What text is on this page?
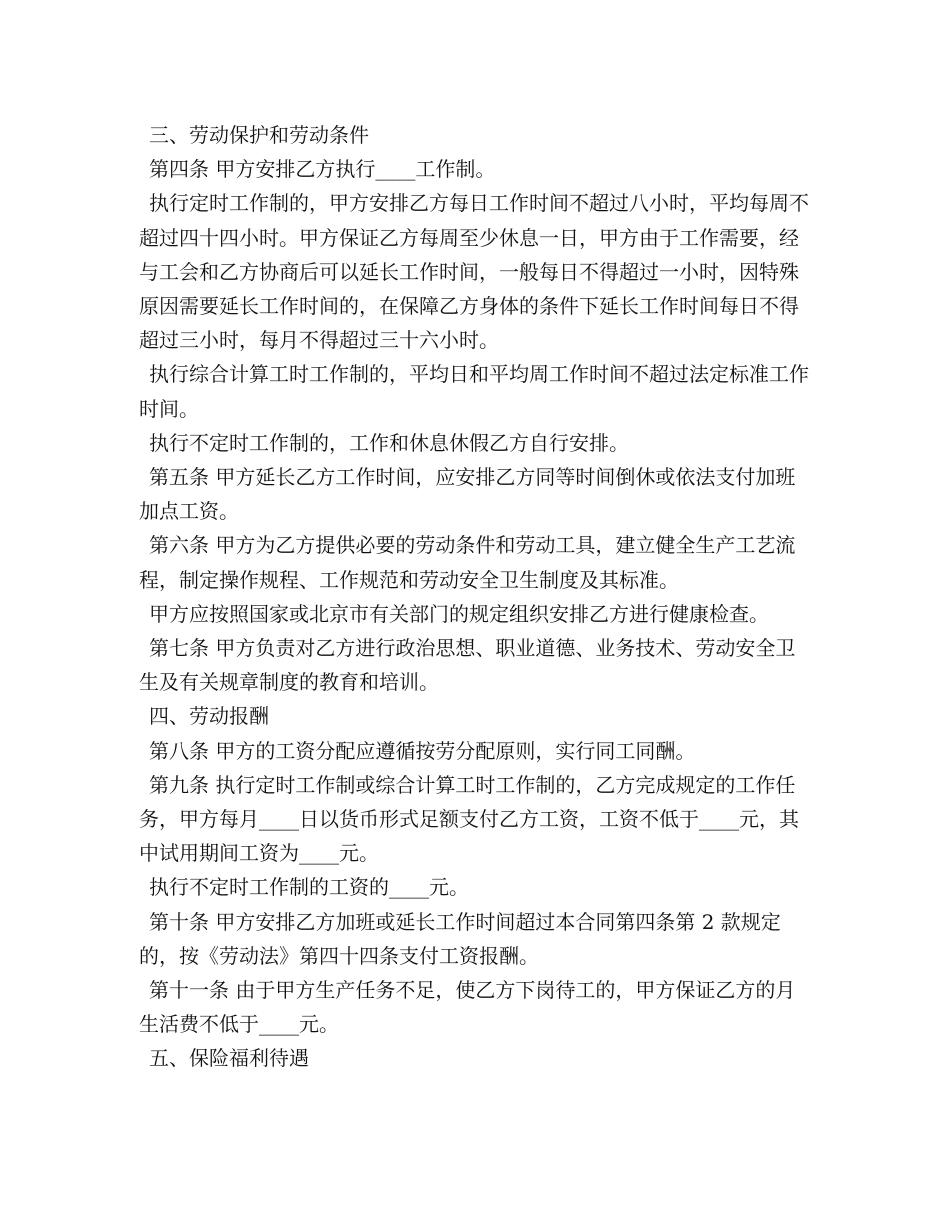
三、劳动保护和劳动条件

第四条 甲方安排乙方执行____工作制。

执行定时工作制的，甲方安排乙方每日工作时间不超过八小时，平均每周不超过四十四小时。甲方保证乙方每周至少休息一日，甲方由于工作需要，经与工会和乙方协商后可以延长工作时间，一般每日不得超过一小时，因特殊原因需要延长工作时间的，在保障乙方身体的条件下延长工作时间每日不得超过三小时，每月不得超过三十六小时。

执行综合计算工时工作制的，平均日和平均周工作时间不超过法定标准工作时间。

执行不定时工作制的，工作和休息休假乙方自行安排。

第五条 甲方延长乙方工作时间，应安排乙方同等时间倒休或依法支付加班加点工资。

第六条 甲方为乙方提供必要的劳动条件和劳动工具，建立健全生产工艺流程，制定操作规程、工作规范和劳动安全卫生制度及其标准。

甲方应按照国家或北京市有关部门的规定组织安排乙方进行健康检查。

第七条 甲方负责对乙方进行政治思想、职业道德、业务技术、劳动安全卫生及有关规章制度的教育和培训。

四、劳动报酬

第八条 甲方的工资分配应遵循按劳分配原则，实行同工同酬。

第九条 执行定时工作制或综合计算工时工作制的，乙方完成规定的工作任务，甲方每月____日以货币形式足额支付乙方工资，工资不低于____元，其中试用期间工资为____元。

执行不定时工作制的工资的____元。

第十条 甲方安排乙方加班或延长工作时间超过本合同第四条第 2 款规定的，按《劳动法》第四十四条支付工资报酬。

第十一条 由于甲方生产任务不足，使乙方下岗待工的，甲方保证乙方的月生活费不低于____元。

五、保险福利待遇
